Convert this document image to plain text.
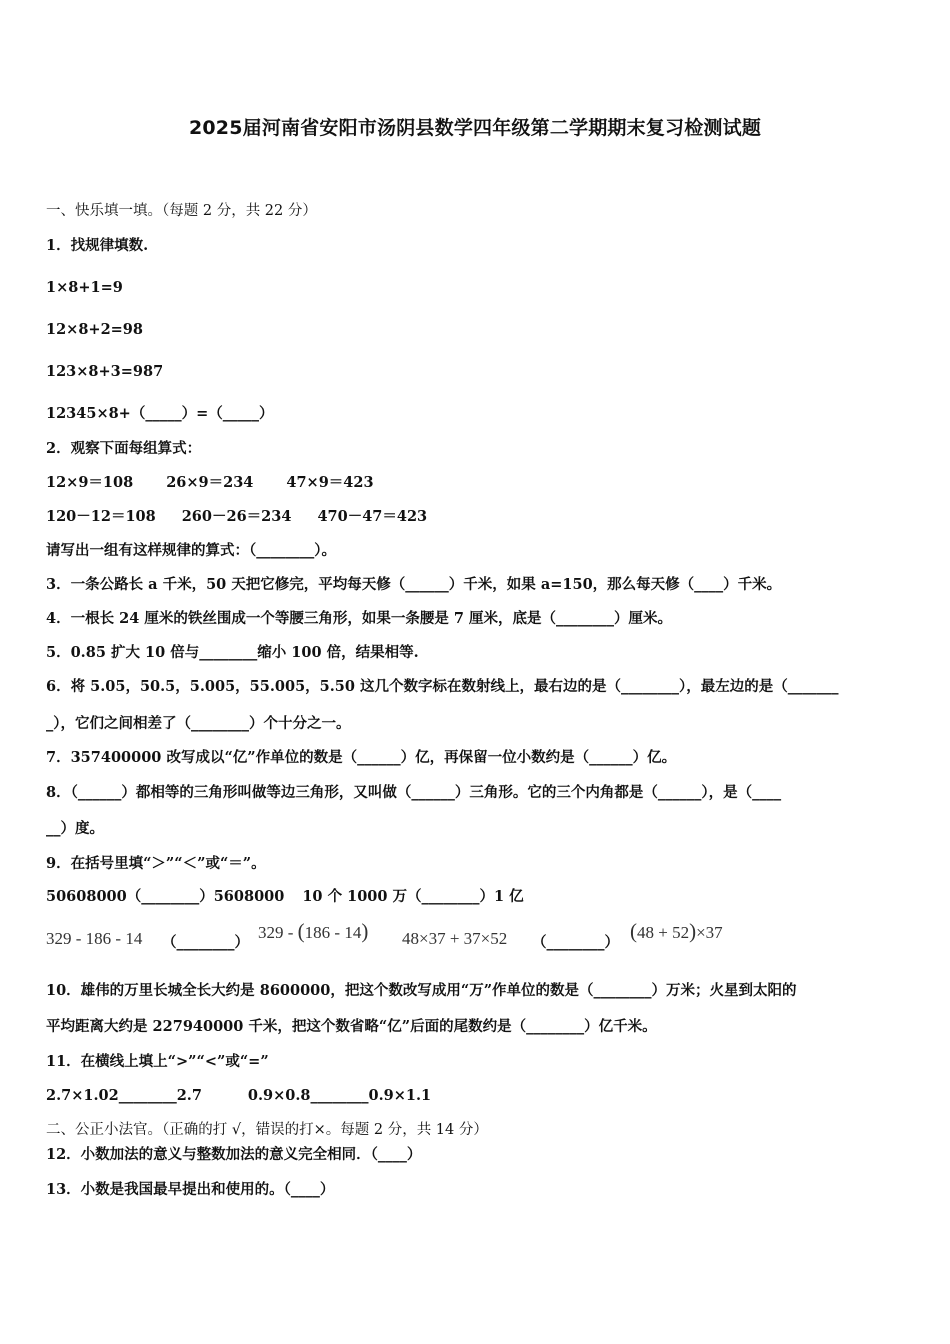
2025届河南省安阳市汤阴县数学四年级第二学期期末复习检测试题
一、快乐填一填。（每题 2 分，共 22 分）
1．找规律填数.
1×8+1=9
12×8+2=98
123×8+3=987
12345×8+（_____）=（_____）
2．观察下面每组算式：
12×9＝108 26×9＝234 47×9＝423
120－12＝108 260－26＝234 470－47＝423
请写出一组有这样规律的算式：（________）。
3．一条公路长 a 千米，50 天把它修完，平均每天修（______）千米，如果 a=150，那么每天修（____）千米。
4．一根长 24 厘米的铁丝围成一个等腰三角形，如果一条腰是 7 厘米，底是（________）厘米。
5．0.85 扩大 10 倍与________缩小 100 倍，结果相等.
6．将 5.05，50.5，5.005，55.005，5.50 这几个数字标在数射线上，最右边的是（________），最左边的是（_______
_），它们之间相差了（________）个十分之一。
7．357400000 改写成以“亿”作单位的数是（______）亿，再保留一位小数约是（______）亿。
8．（______）都相等的三角形叫做等边三角形，又叫做（______）三角形。它的三个内角都是（______），是（____
__）度。
9．在括号里填“＞”“＜”或“＝”。
50608000（________）5608000 10 个 1000 万（________）1 亿
329 - 186 - 14 （________）
329 - (186 - 14) 48×37 + 37×52 （________） (48 + 52)×37
10．雄伟的万里长城全长大约是 8600000，把这个数改写成用“万”作单位的数是（________）万米；火星到太阳的
平均距离大约是 227940000 千米，把这个数省略“亿”后面的尾数约是（________）亿千米。
11．在横线上填上“>”“<”或“=”
2.7×1.02________2.7	0.9×0.8________0.9×1.1
二、公正小法官。（正确的打 √，错误的打×。每题 2 分，共 14 分）
12．小数加法的意义与整数加法的意义完全相同．（____）
13．小数是我国最早提出和使用的。（____）
